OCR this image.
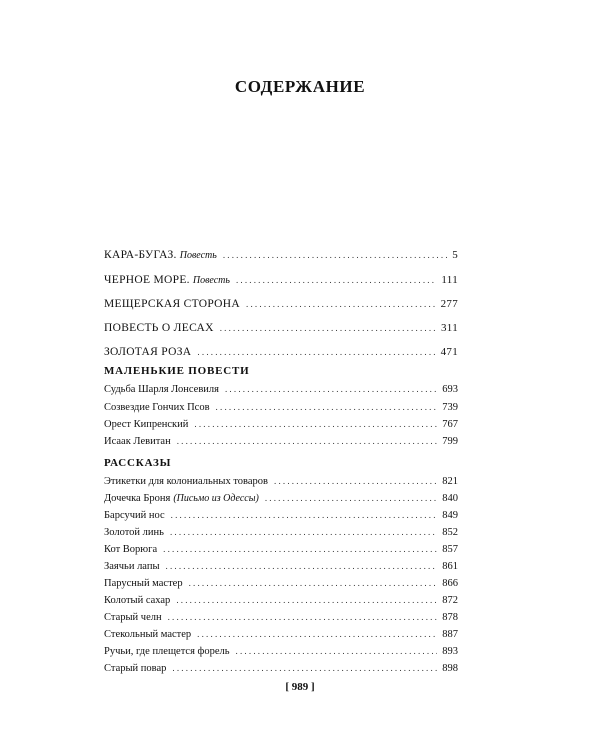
СОДЕРЖАНИЕ
КАРА-БУГАЗ. Повесть .....	5
ЧЕРНОЕ МОРЕ. Повесть .....	111
МЕЩЕРСКАЯ СТОРОНА .....	277
ПОВЕСТЬ О ЛЕСАХ .....	311
ЗОЛОТАЯ РОЗА .....	471
МАЛЕНЬКИЕ ПОВЕСТИ
Судьба Шарля Лонсевиля .....	693
Созвездие Гончих Псов .....	739
Орест Кипренский .....	767
Исаак Левитан .....	799
РАССКАЗЫ
Этикетки для колониальных товаров .....	821
Дочечка Броня (Письмо из Одессы) .....	840
Барсучий нос .....	849
Золотой линь .....	852
Кот Ворюга .....	857
Заячьи лапы .....	861
Парусный мастер .....	866
Колотый сахар .....	872
Старый челн .....	878
Стекольный мастер .....	887
Ручьи, где плещется форель .....	893
Старый повар .....	898
[ 989 ]
